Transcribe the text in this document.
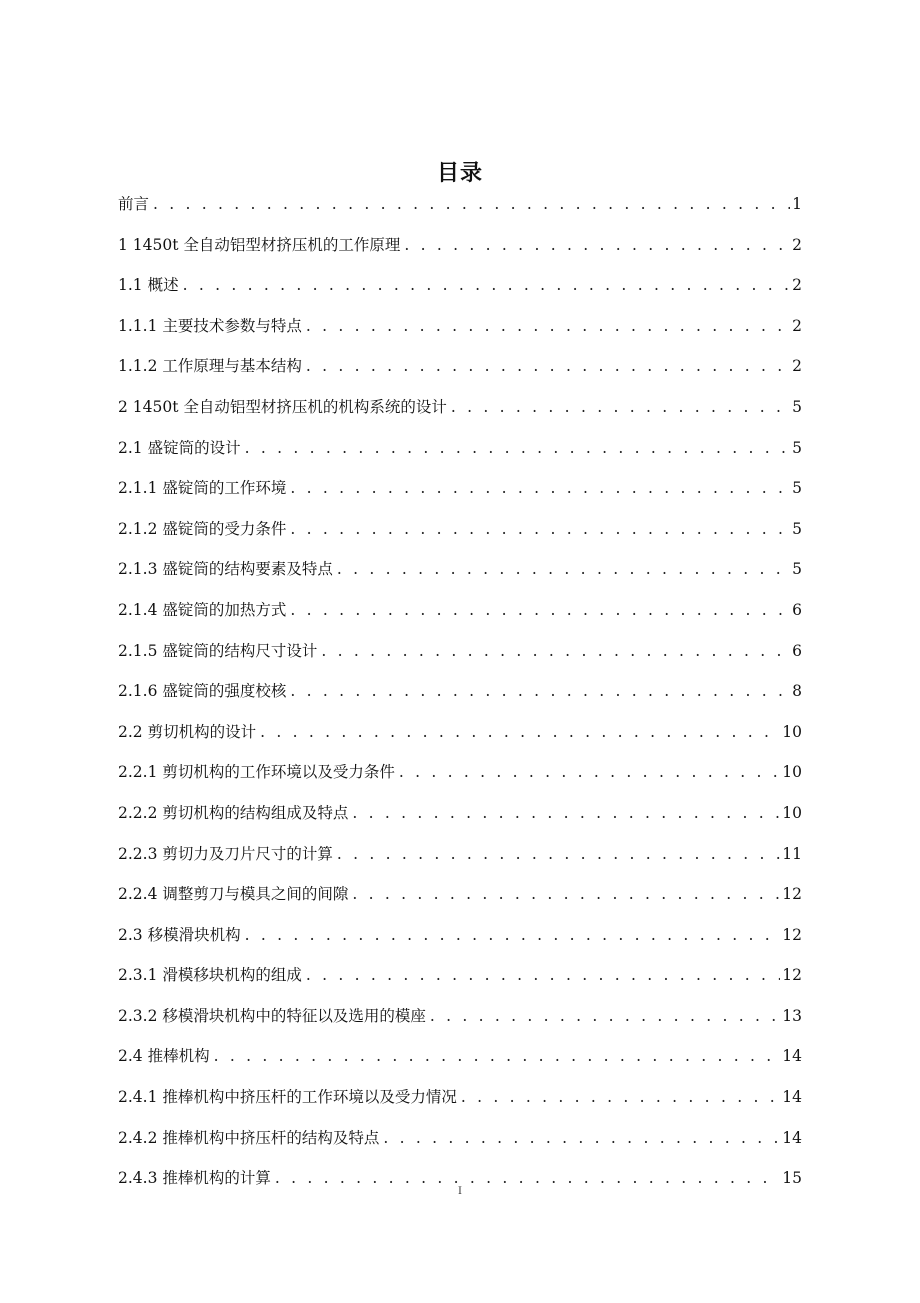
目录
前言 . . .	1
1 1450t 全自动铝型材挤压机的工作原理 . . .	2
1.1 概述 . . .	2
1.1.1 主要技术参数与特点 . . .	2
1.1.2 工作原理与基本结构 . . .	2
2 1450t 全自动铝型材挤压机的机构系统的设计 . . .	5
2.1 盛锭筒的设计 . . .	5
2.1.1 盛锭筒的工作环境 . . .	5
2.1.2 盛锭筒的受力条件 . . .	5
2.1.3 盛锭筒的结构要素及特点 . . .	5
2.1.4 盛锭筒的加热方式 . . .	6
2.1.5 盛锭筒的结构尺寸设计 . . .	6
2.1.6 盛锭筒的强度校核 . . .	8
2.2 剪切机构的设计 . . .	10
2.2.1 剪切机构的工作环境以及受力条件 . . .	10
2.2.2 剪切机构的结构组成及特点 . . .	10
2.2.3 剪切力及刀片尺寸的计算 . . .	11
2.2.4 调整剪刀与模具之间的间隙 . . .	12
2.3 移模滑块机构 . . .	12
2.3.1 滑模移块机构的组成 . . .	12
2.3.2 移模滑块机构中的特征以及选用的模座 . . .	13
2.4 推棒机构 . . .	14
2.4.1 推棒机构中挤压杆的工作环境以及受力情况 . . .	14
2.4.2 推棒机构中挤压杆的结构及特点 . . .	14
2.4.3 推棒机构的计算 . . .	15
I
